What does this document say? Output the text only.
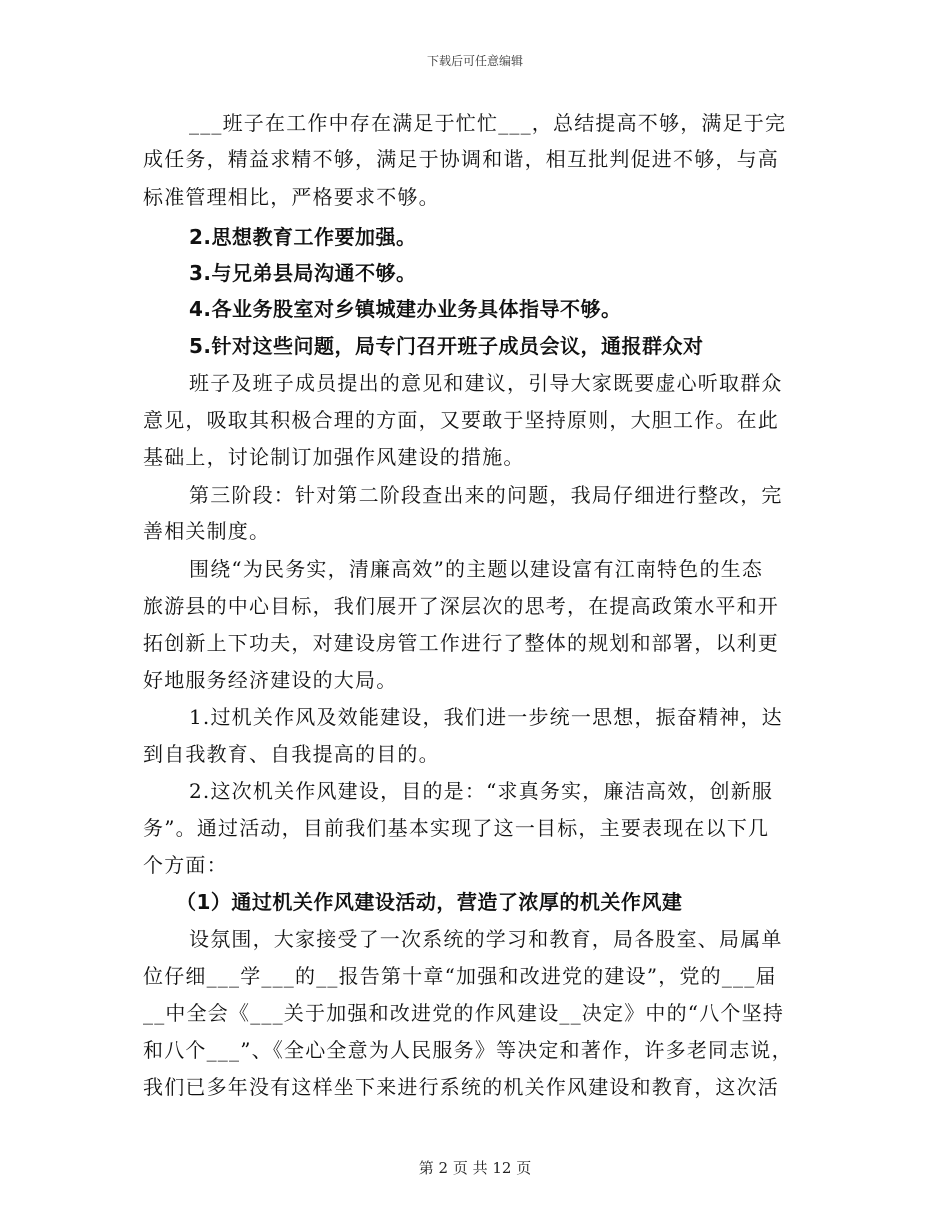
下载后可任意编辑
___班子在工作中存在满足于忙忙___，总结提高不够，满足于完
成任务，精益求精不够，满足于协调和谐，相互批判促进不够，与高
标准管理相比，严格要求不够。
2.思想教育工作要加强。
3.与兄弟县局沟通不够。
4.各业务股室对乡镇城建办业务具体指导不够。
5.针对这些问题，局专门召开班子成员会议，通报群众对
班子及班子成员提出的意见和建议，引导大家既要虚心听取群众
意见，吸取其积极合理的方面，又要敢于坚持原则，大胆工作。在此
基础上，讨论制订加强作风建设的措施。
第三阶段：针对第二阶段查出来的问题，我局仔细进行整改，完
善相关制度。
围绕“为民务实，清廉高效”的主题以建设富有江南特色的生态
旅游县的中心目标，我们展开了深层次的思考，在提高政策水平和开
拓创新上下功夫，对建设房管工作进行了整体的规划和部署，以利更
好地服务经济建设的大局。
1.过机关作风及效能建设，我们进一步统一思想，振奋精神，达
到自我教育、自我提高的目的。
2.这次机关作风建设，目的是：“求真务实，廉洁高效，创新服
务”。通过活动，目前我们基本实现了这一目标，主要表现在以下几
个方面：
（1）通过机关作风建设活动，营造了浓厚的机关作风建
设氛围，大家接受了一次系统的学习和教育，局各股室、局属单
位仔细___学___的__报告第十章“加强和改进党的建设”，党的___届
__中全会《___关于加强和改进党的作风建设__决定》中的“八个坚持
和八个___”、《全心全意为人民服务》等决定和著作，许多老同志说，
我们已多年没有这样坐下来进行系统的机关作风建设和教育，这次活
第 2 页 共 12 页
